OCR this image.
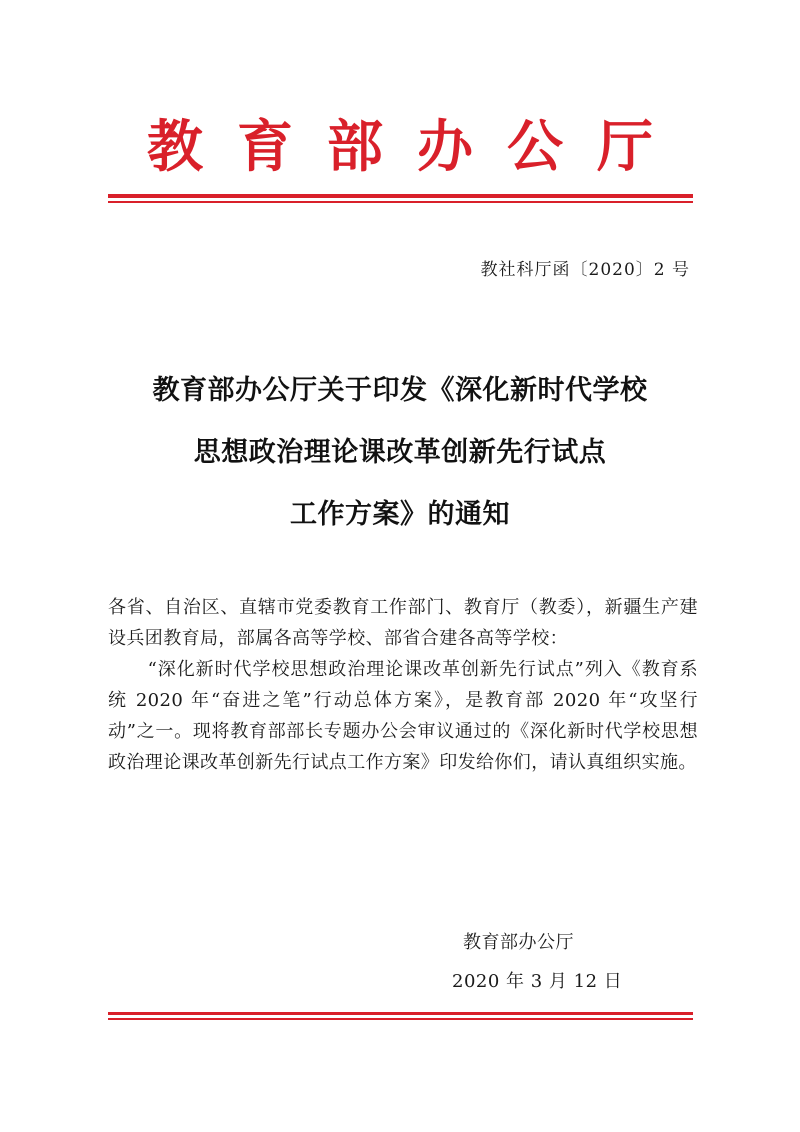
教育部办公厅
教社科厅函〔2020〕2 号
教育部办公厅关于印发《深化新时代学校
思想政治理论课改革创新先行试点
工作方案》的通知
各省、自治区、直辖市党委教育工作部门、教育厅（教委），新疆生产建设兵团教育局，部属各高等学校、部省合建各高等学校：
“深化新时代学校思想政治理论课改革创新先行试点”列入《教育系统 2020 年“奋进之笔”行动总体方案》，是教育部 2020 年“攻坚行动”之一。现将教育部部长专题办公会审议通过的《深化新时代学校思想政治理论课改革创新先行试点工作方案》印发给你们，请认真组织实施。
教育部办公厅
2020 年 3 月 12 日
